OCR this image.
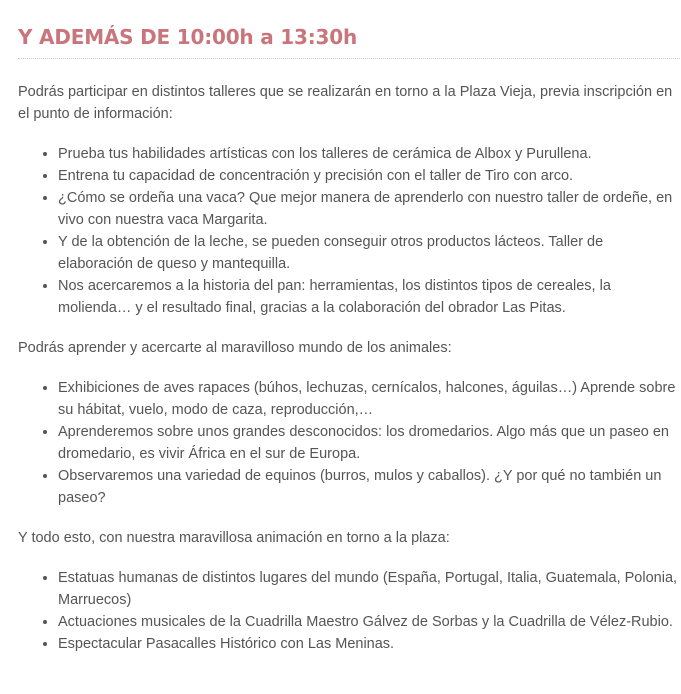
Y ADEMÁS DE 10:00h a 13:30h

Podrás participar en distintos talleres que se realizarán en torno a la Plaza Vieja, previa inscripción en el punto de información:

• Prueba tus habilidades artísticas con los talleres de cerámica de Albox y Purullena.
• Entrena tu capacidad de concentración y precisión con el taller de Tiro con arco.
• ¿Cómo se ordeña una vaca? Que mejor manera de aprenderlo con nuestro taller de ordeñe, en vivo con nuestra vaca Margarita.
• Y de la obtención de la leche, se pueden conseguir otros productos lácteos. Taller de elaboración de queso y mantequilla.
• Nos acercaremos a la historia del pan: herramientas, los distintos tipos de cereales, la molienda… y el resultado final, gracias a la colaboración del obrador Las Pitas.

Podrás aprender y acercarte al maravilloso mundo de los animales:

• Exhibiciones de aves rapaces (búhos, lechuzas, cernícalos, halcones, águilas…) Aprende sobre su hábitat, vuelo, modo de caza, reproducción,…
• Aprenderemos sobre unos grandes desconocidos: los dromedarios. Algo más que un paseo en dromedario, es vivir África en el sur de Europa.
• Observaremos una variedad de equinos (burros, mulos y caballos). ¿Y por qué no también un paseo?

Y todo esto, con nuestra maravillosa animación en torno a la plaza:

• Estatuas humanas de distintos lugares del mundo (España, Portugal, Italia, Guatemala, Polonia, Marruecos)
• Actuaciones musicales de la Cuadrilla Maestro Gálvez de Sorbas y la Cuadrilla de Vélez-Rubio.
• Espectacular Pasacalles Histórico con Las Meninas.
